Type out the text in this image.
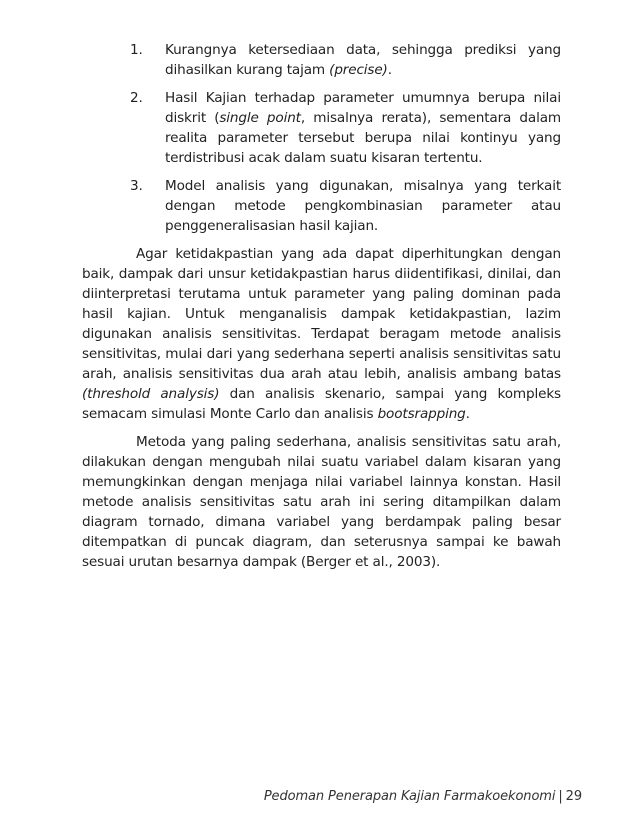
1. Kurangnya ketersediaan data, sehingga prediksi yang dihasilkan kurang tajam (precise).
2. Hasil Kajian terhadap parameter umumnya berupa nilai diskrit (single point, misalnya rerata), sementara dalam realita parameter tersebut berupa nilai kontinyu yang terdistribusi acak dalam suatu kisaran tertentu.
3. Model analisis yang digunakan, misalnya yang terkait dengan metode pengkombinasian parameter atau penggeneralisasian hasil kajian.

Agar ketidakpastian yang ada dapat diperhitungkan dengan baik, dampak dari unsur ketidakpastian harus diidentifikasi, dinilai, dan diinterpretasi terutama untuk parameter yang paling dominan pada hasil kajian. Untuk menganalisis dampak ketidakpastian, lazim digunakan analisis sensitivitas. Terdapat beragam metode analisis sensitivitas, mulai dari yang sederhana seperti analisis sensitivitas satu arah, analisis sensitivitas dua arah atau lebih, analisis ambang batas (threshold analysis) dan analisis skenario, sampai yang kompleks semacam simulasi Monte Carlo dan analisis bootsrapping.

Metoda yang paling sederhana, analisis sensitivitas satu arah, dilakukan dengan mengubah nilai suatu variabel dalam kisaran yang memungkinkan dengan menjaga nilai variabel lainnya konstan. Hasil metode analisis sensitivitas satu arah ini sering ditampilkan dalam diagram tornado, dimana variabel yang berdampak paling besar ditempatkan di puncak diagram, dan seterusnya sampai ke bawah sesuai urutan besarnya dampak (Berger et al., 2003).

Pedoman Penerapan Kajian Farmakoekonomi | 29
